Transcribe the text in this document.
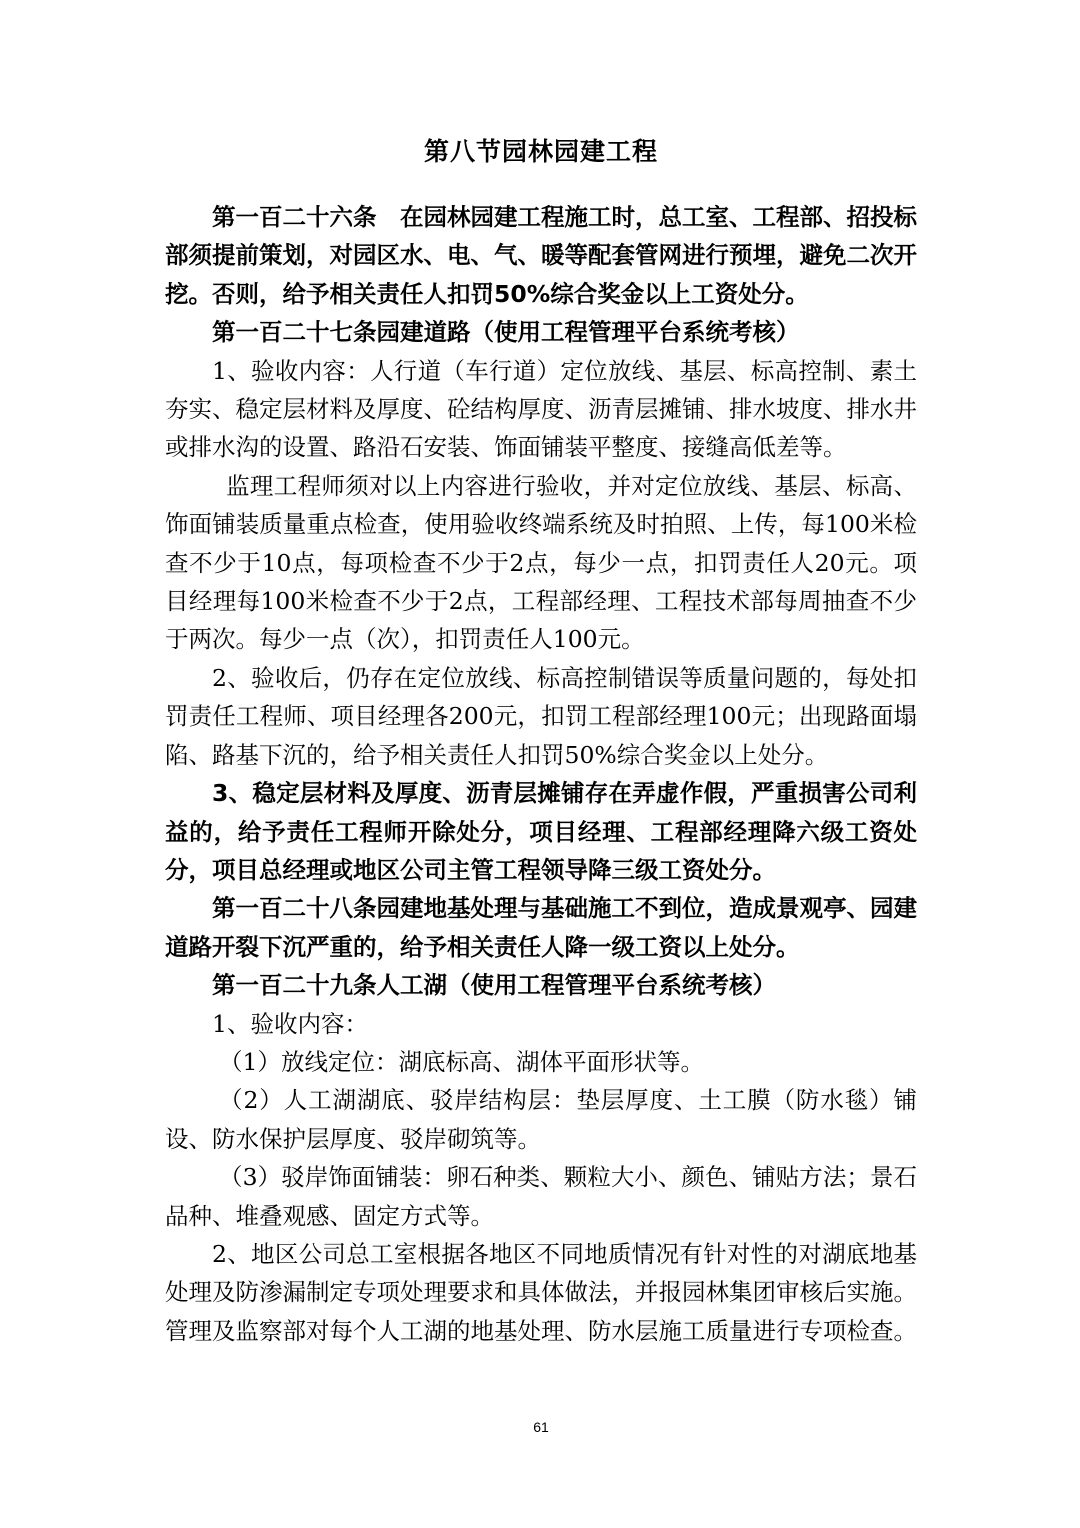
第八节园林园建工程

第一百二十六条　在园林园建工程施工时，总工室、工程部、招投标部须提前策划，对园区水、电、气、暖等配套管网进行预埋，避免二次开挖。否则，给予相关责任人扣罚50%综合奖金以上工资处分。

第一百二十七条园建道路（使用工程管理平台系统考核）

1、验收内容：人行道（车行道）定位放线、基层、标高控制、素土夯实、稳定层材料及厚度、砼结构厚度、沥青层摊铺、排水坡度、排水井或排水沟的设置、路沿石安装、饰面铺装平整度、接缝高低差等。

监理工程师须对以上内容进行验收，并对定位放线、基层、标高、饰面铺装质量重点检查，使用验收终端系统及时拍照、上传，每100米检查不少于10点，每项检查不少于2点，每少一点，扣罚责任人20元。项目经理每100米检查不少于2点，工程部经理、工程技术部每周抽查不少于两次。每少一点（次），扣罚责任人100元。

2、验收后，仍存在定位放线、标高控制错误等质量问题的，每处扣罚责任工程师、项目经理各200元，扣罚工程部经理100元；出现路面塌陷、路基下沉的，给予相关责任人扣罚50%综合奖金以上处分。

3、稳定层材料及厚度、沥青层摊铺存在弄虚作假，严重损害公司利益的，给予责任工程师开除处分，项目经理、工程部经理降六级工资处分，项目总经理或地区公司主管工程领导降三级工资处分。

第一百二十八条园建地基处理与基础施工不到位，造成景观亭、园建道路开裂下沉严重的，给予相关责任人降一级工资以上处分。

第一百二十九条人工湖（使用工程管理平台系统考核）

1、验收内容：

（1）放线定位：湖底标高、湖体平面形状等。

（2）人工湖湖底、驳岸结构层：垫层厚度、土工膜（防水毯）铺设、防水保护层厚度、驳岸砌筑等。

（3）驳岸饰面铺装：卵石种类、颗粒大小、颜色、铺贴方法；景石品种、堆叠观感、固定方式等。

2、地区公司总工室根据各地区不同地质情况有针对性的对湖底地基处理及防渗漏制定专项处理要求和具体做法，并报园林集团审核后实施。管理及监察部对每个人工湖的地基处理、防水层施工质量进行专项检查。

61
